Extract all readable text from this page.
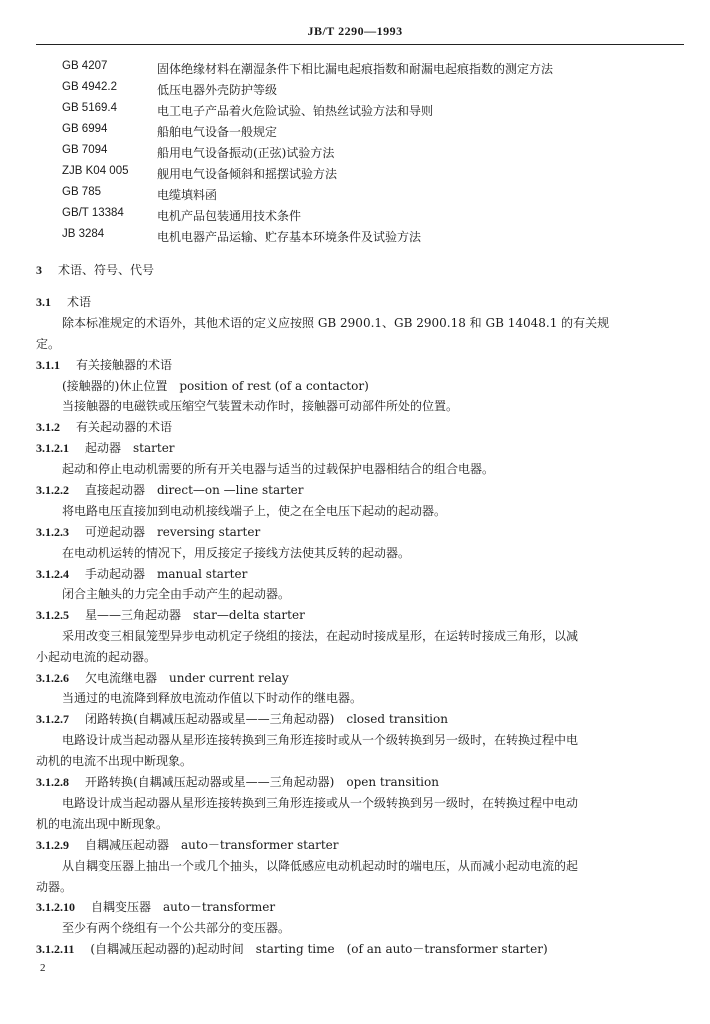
JB/T 2290—1993
GB 4207	固体绝缘材料在潮湿条件下相比漏电起痕指数和耐漏电起痕指数的测定方法
GB 4942.2	低压电器外壳防护等级
GB 5169.4	电工电子产品着火危险试验、铂热丝试验方法和导则
GB 6994	船舶电气设备一般规定
GB 7094	船用电气设备振动(正弦)试验方法
ZJB K04 005 舰用电气设备倾斜和摇摆试验方法
GB 785	电缆填料函
GB/T 13384	电机产品包装通用技术条件
JB 3284	电机电器产品运输、贮存基本环境条件及试验方法
3 术语、符号、代号
3.1 术语
除本标准规定的术语外，其他术语的定义应按照 GB 2900.1、GB 2900.18 和 GB 14048.1 的有关规
定。
3.1.1 有关接触器的术语
(接触器的)休止位置　position of rest (of a contactor)
当接触器的电磁铁或压缩空气装置未动作时，接触器可动部件所处的位置。
3.1.2 有关起动器的术语
3.1.2.1 起动器　starter
起动和停止电动机需要的所有开关电器与适当的过载保护电器相结合的组合电器。
3.1.2.2 直接起动器　direct—on —line starter
将电路电压直接加到电动机接线端子上，使之在全电压下起动的起动器。
3.1.2.3 可逆起动器　reversing starter
在电动机运转的情况下，用反接定子接线方法使其反转的起动器。
3.1.2.4 手动起动器　manual starter
闭合主触头的力完全由手动产生的起动器。
3.1.2.5 星——三角起动器　star—delta starter
采用改变三相鼠笼型异步电动机定子绕组的接法，在起动时接成星形，在运转时接成三角形，以减
小起动电流的起动器。
3.1.2.6 欠电流继电器　under current relay
当通过的电流降到释放电流动作值以下时动作的继电器。
3.1.2.7 闭路转换(自耦减压起动器或星——三角起动器)　closed transition
电路设计成当起动器从星形连接转换到三角形连接时或从一个级转换到另一级时，在转换过程中电
动机的电流不出现中断现象。
3.1.2.8 开路转换(自耦减压起动器或星——三角起动器)　open transition
电路设计成当起动器从星形连接转换到三角形连接或从一个级转换到另一级时，在转换过程中电动
机的电流出现中断现象。
3.1.2.9 自耦减压起动器　auto－transformer starter
从自耦变压器上抽出一个或几个抽头，以降低感应电动机起动时的端电压，从而减小起动电流的起
动器。
3.1.2.10 自耦变压器　auto－transformer
至少有两个绕组有一个公共部分的变压器。
3.1.2.11 (自耦减压起动器的)起动时间　starting time　(of an auto－transformer starter)
2
